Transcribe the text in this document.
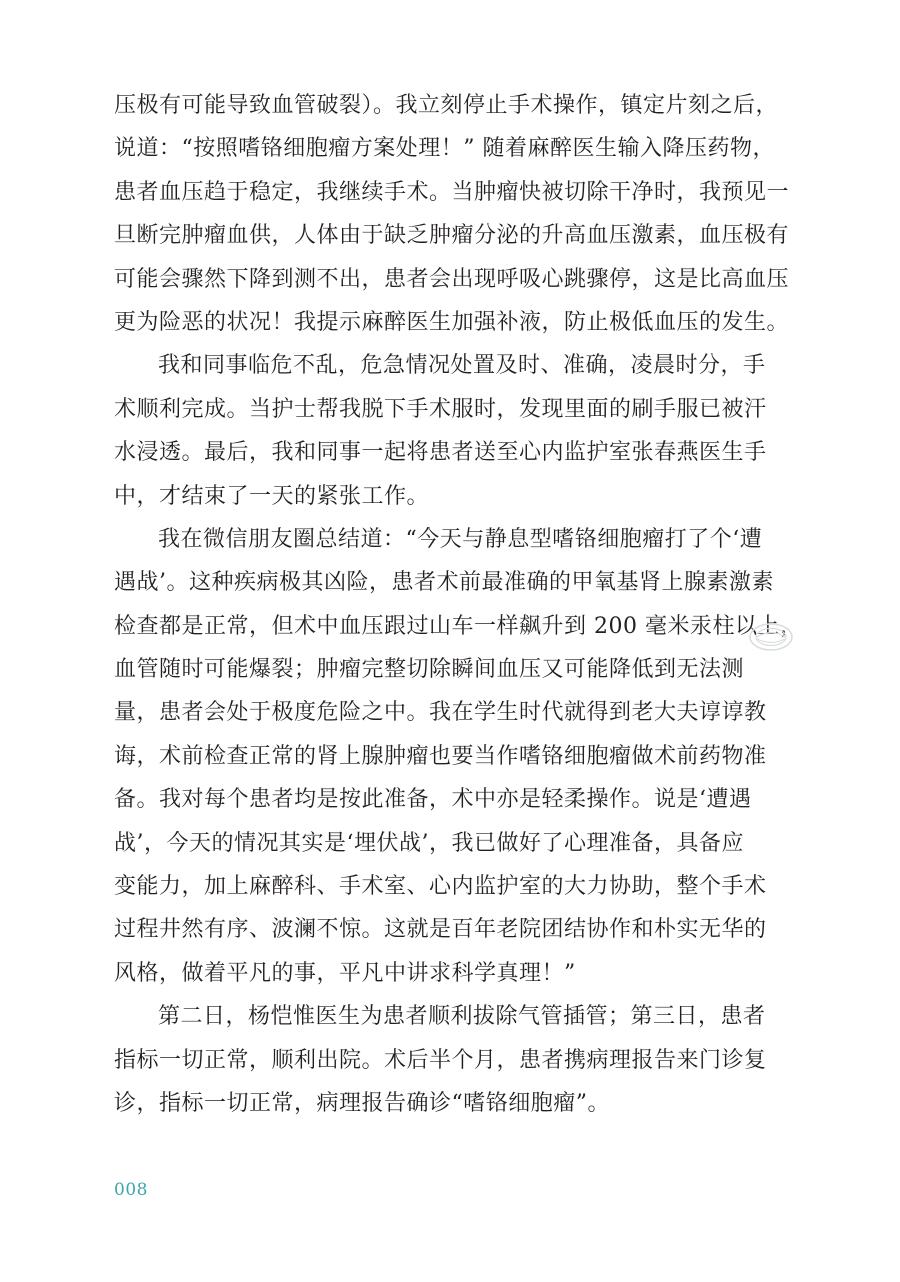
压极有可能导致血管破裂）。我立刻停止手术操作，镇定片刻之后，
说道：“按照嗜铬细胞瘤方案处理！” 随着麻醉医生输入降压药物，
患者血压趋于稳定，我继续手术。当肿瘤快被切除干净时，我预见一
旦断完肿瘤血供，人体由于缺乏肿瘤分泌的升高血压激素，血压极有
可能会骤然下降到测不出，患者会出现呼吸心跳骤停，这是比高血压
更为险恶的状况！我提示麻醉医生加强补液，防止极低血压的发生。
我和同事临危不乱，危急情况处置及时、准确，凌晨时分，手
术顺利完成。当护士帮我脱下手术服时，发现里面的刷手服已被汗
水浸透。最后，我和同事一起将患者送至心内监护室张春燕医生手
中，才结束了一天的紧张工作。
我在微信朋友圈总结道：“今天与静息型嗜铬细胞瘤打了个‘遭
遇战’。这种疾病极其凶险，患者术前最准确的甲氧基肾上腺素激素
检查都是正常，但术中血压跟过山车一样飙升到 200 毫米汞柱以上，
血管随时可能爆裂；肿瘤完整切除瞬间血压又可能降低到无法测
量，患者会处于极度危险之中。我在学生时代就得到老大夫谆谆教
诲，术前检查正常的肾上腺肿瘤也要当作嗜铬细胞瘤做术前药物准
备。我对每个患者均是按此准备，术中亦是轻柔操作。说是‘遭遇
战’，今天的情况其实是‘埋伏战’，我已做好了心理准备，具备应
变能力，加上麻醉科、手术室、心内监护室的大力协助，整个手术
过程井然有序、波澜不惊。这就是百年老院团结协作和朴实无华的
风格，做着平凡的事，平凡中讲求科学真理！”
第二日，杨恺惟医生为患者顺利拔除气管插管；第三日，患者
指标一切正常，顺利出院。术后半个月，患者携病理报告来门诊复
诊，指标一切正常，病理报告确诊“嗜铬细胞瘤”。
008
